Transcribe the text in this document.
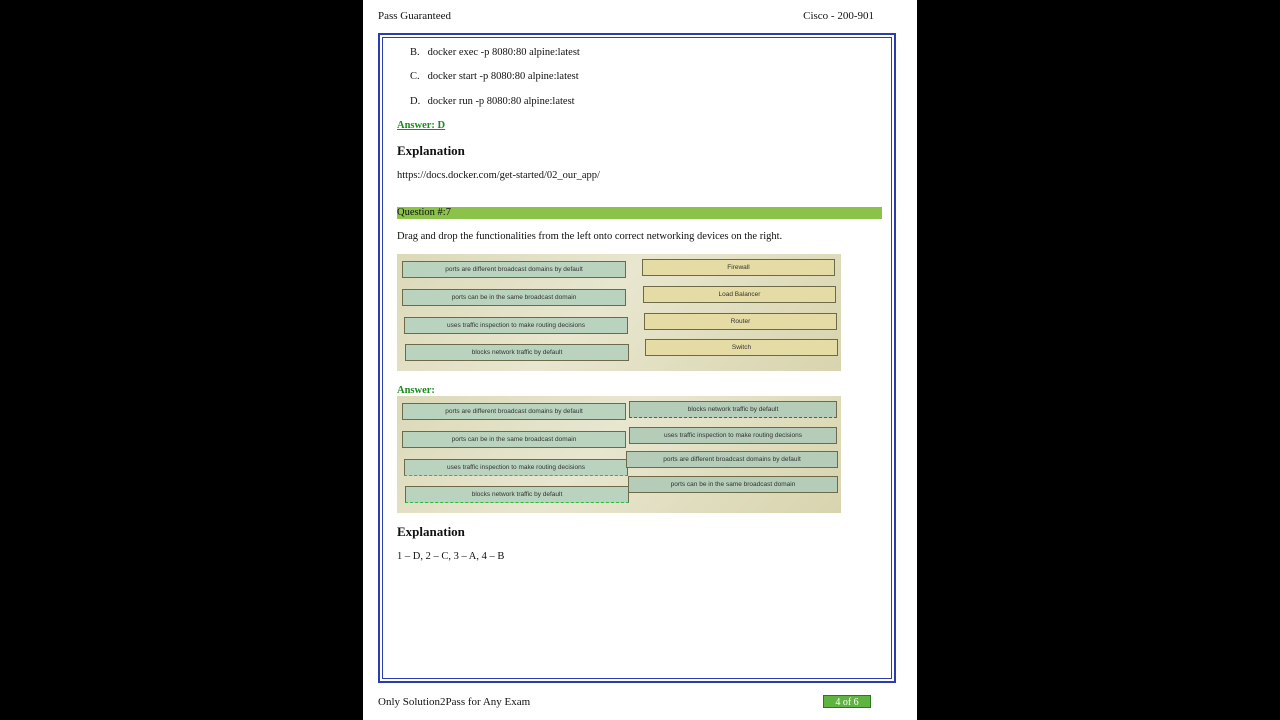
Pass Guaranteed	Cisco - 200-901
B. docker exec -p 8080:80 alpine:latest
C. docker start -p 8080:80 alpine:latest
D. docker run -p 8080:80 alpine:latest
Answer: D
Explanation
https://docs.docker.com/get-started/02_our_app/
Question #:7
Drag and drop the functionalities from the left onto correct networking devices on the right.
ports are different broadcast domains by default
ports can be in the same broadcast domain
uses traffic inspection to make routing decisions
blocks network traffic by default
Firewall
Load Balancer
Router
Switch
Answer:
ports are different broadcast domains by default
ports can be in the same broadcast domain
uses traffic inspection to make routing decisions
blocks network traffic by default
blocks network traffic by default
uses traffic inspection to make routing decisions
ports are different broadcast domains by default
ports can be in the same broadcast domain
Explanation
1 – D, 2 – C, 3 – A, 4 – B
Only Solution2Pass for Any Exam	4 of 6
